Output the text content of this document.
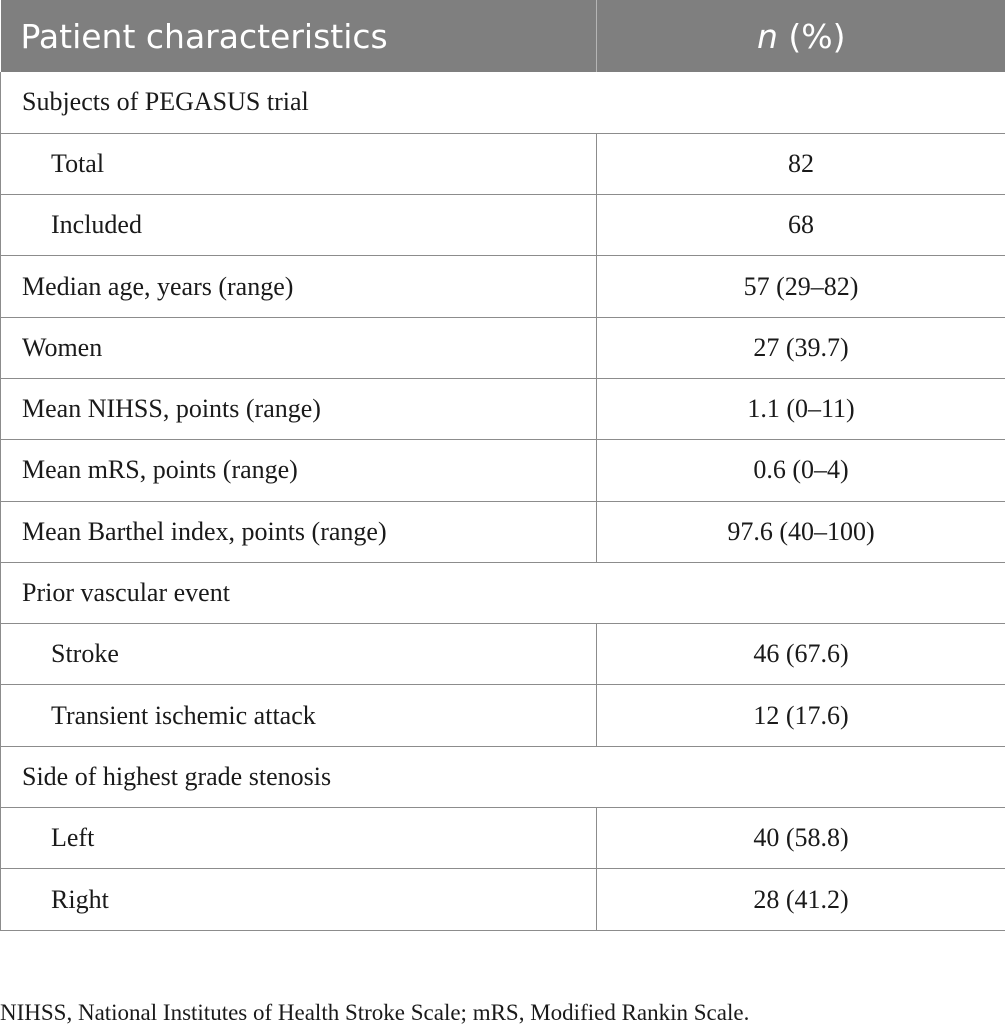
Patient characteristics	n (%)
Subjects of PEGASUS trial	
Total	82
Included	68
Median age, years (range)	57 (29–82)
Women	27 (39.7)
Mean NIHSS, points (range)	1.1 (0–11)
Mean mRS, points (range)	0.6 (0–4)
Mean Barthel index, points (range)	97.6 (40–100)
Prior vascular event	
Stroke	46 (67.6)
Transient ischemic attack	12 (17.6)
Side of highest grade stenosis	
Left	40 (58.8)
Right	28 (41.2)
NIHSS, National Institutes of Health Stroke Scale; mRS, Modified Rankin Scale.
